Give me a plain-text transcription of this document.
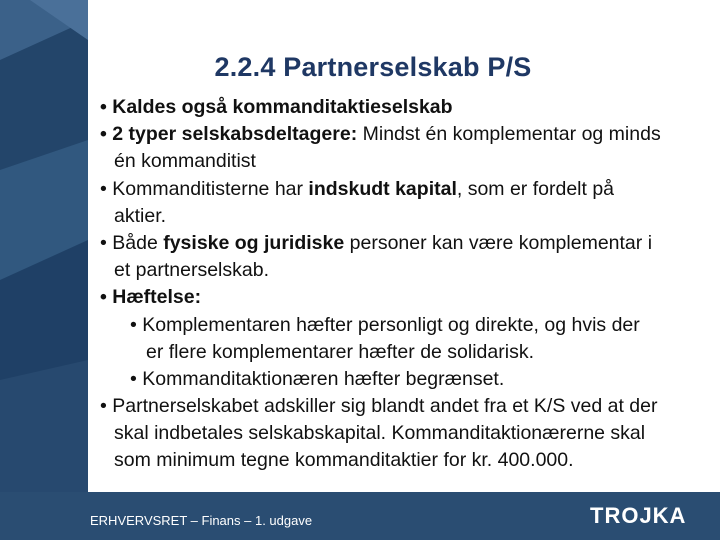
2.2.4 Partnerselskab P/S
• Kaldes også kommanditaktieselskab
• 2 typer selskabsdeltagere: Mindst én komplementar og minds
én kommanditist
• Kommanditisterne har indskudt kapital, som er fordelt på
aktier.
• Både fysiske og juridiske personer kan være komplementar i
et partnerselskab.
• Hæftelse:
• Komplementaren hæfter personligt og direkte, og hvis der
er flere komplementarer hæfter de solidarisk.
• Kommanditaktionæren hæfter begrænset.
• Partnerselskabet adskiller sig blandt andet fra et K/S ved at der
skal indbetales selskabskapital. Kommanditaktionærerne skal
som minimum tegne kommanditaktier for kr. 400.000.
ERHVERVSRET – Finans – 1. udgave	TROJKA
